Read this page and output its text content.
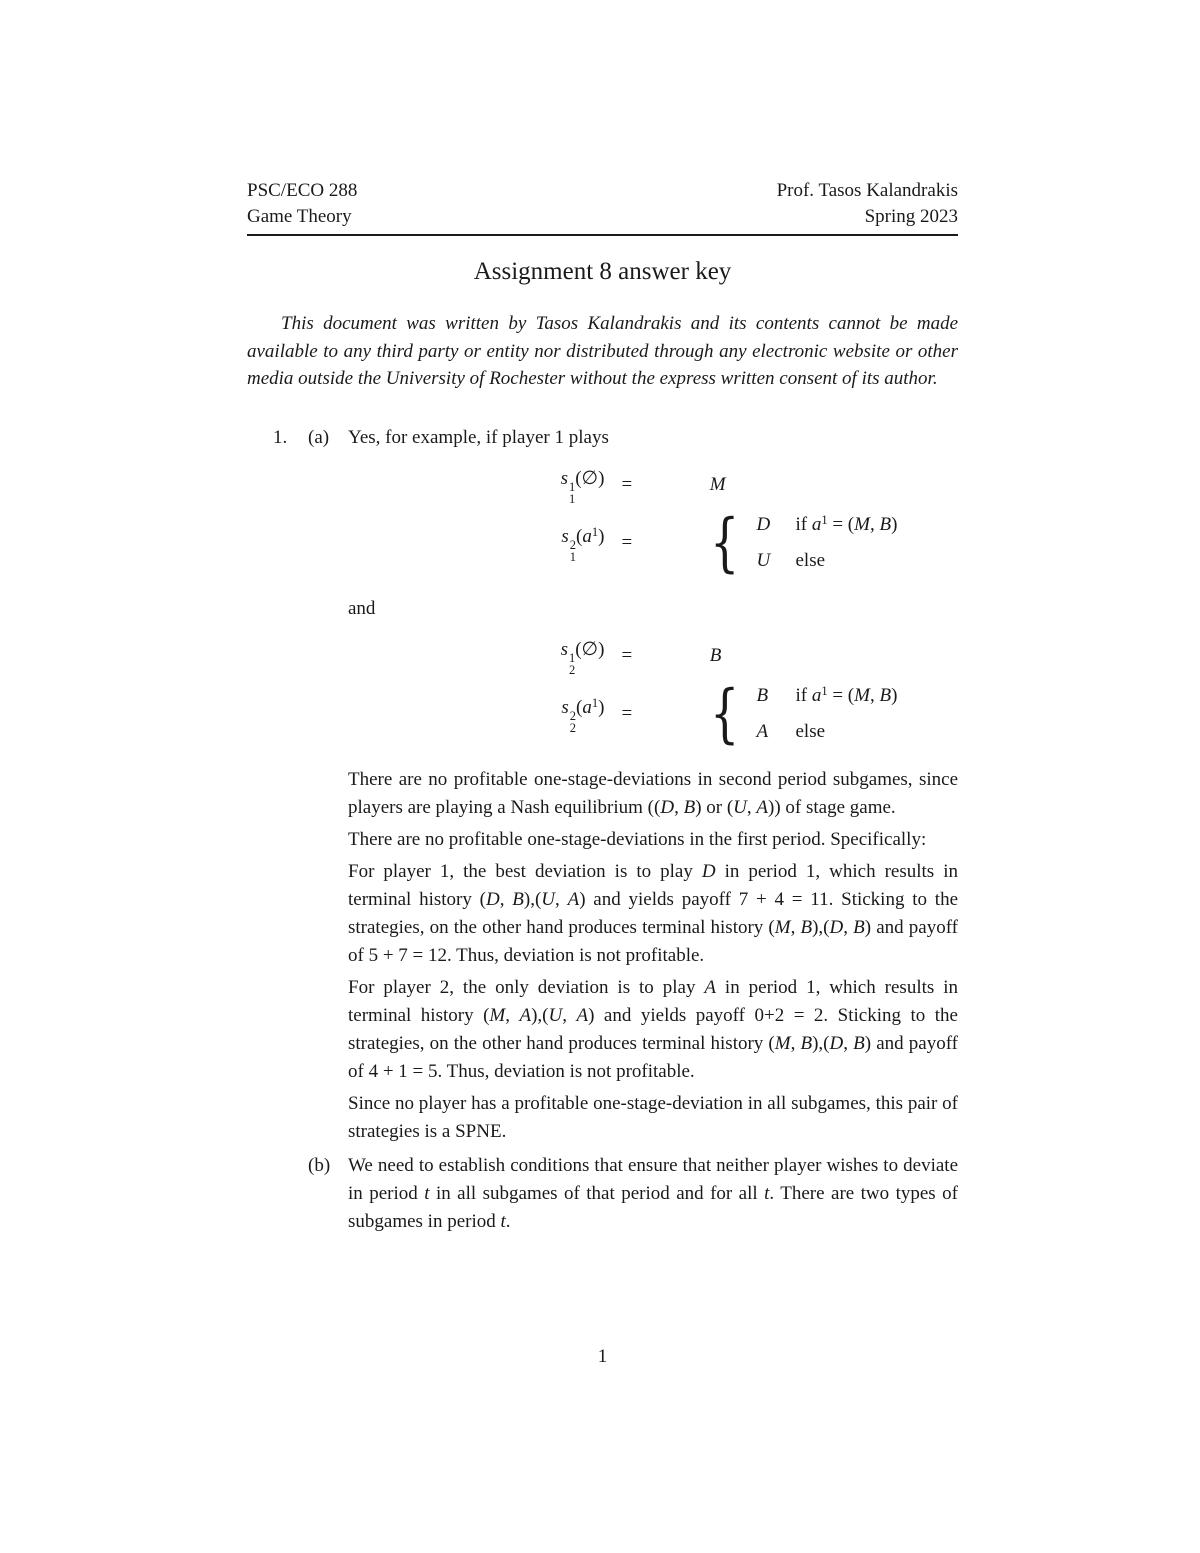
PSC/ECO 288	Prof. Tasos Kalandrakis
Game Theory	Spring 2023
Assignment 8 answer key

This document was written by Tasos Kalandrakis and its contents cannot be made available to any third party or entity nor distributed through any electronic website or other media outside the University of Rochester without the express written consent of its author.

1. (a) Yes, for example, if player 1 plays

s 1
1
(∅) =	M
s 2
1
$(a^1)$ = { D	if $a^1 = (M$, B)
U	else

and

s 1
2
(∅) =	B
s 2
2
$(a^1)$ = { B	if $a^1 = (M$, B)
A	else

There are no profitable one-stage-deviations in second period subgames, since players are playing a Nash equilibrium ((D, B) or (U, A)) of stage game.

There are no profitable one-stage-deviations in the first period. Specifically:

For player 1, the best deviation is to play D in period 1, which results in terminal history (D, B),(U, A) and yields payoff 7 + 4 = 11. Sticking to the strategies, on the other hand produces terminal history (M, B),(D, B) and payoff of 5 + 7 = 12. Thus, deviation is not profitable.

For player 2, the only deviation is to play A in period 1, which results in terminal history (M, A),(U, A) and yields payoff 0+2 = 2. Sticking to the strategies, on the other hand produces terminal history (M, B),(D, B) and payoff of 4 + 1 = 5. Thus, deviation is not profitable.

Since no player has a profitable one-stage-deviation in all subgames, this pair of strategies is a SPNE.

(b) We need to establish conditions that ensure that neither player wishes to deviate in period t in all subgames of that period and for all t. There are two types of subgames in period t.

1
